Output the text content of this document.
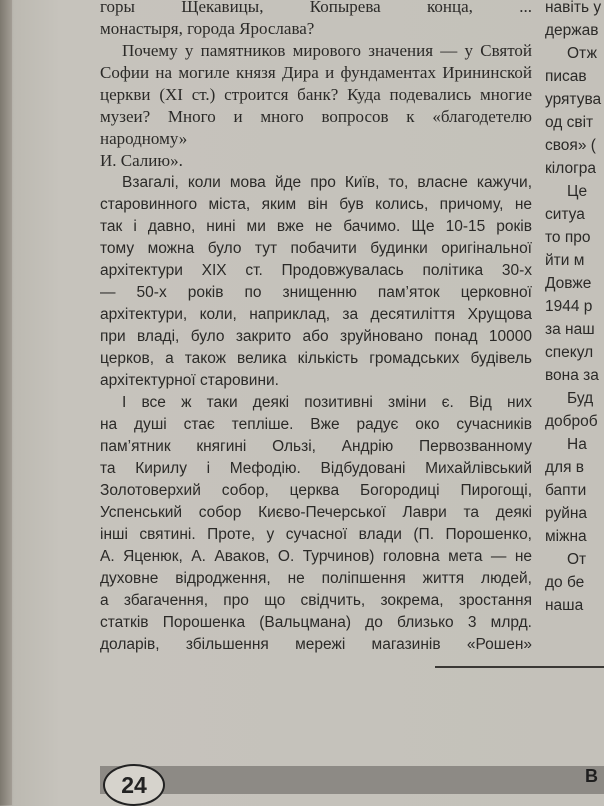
горы Щекавицы, Копырева конца, ...
монастыря, города Ярослава?
Почему у памятников мирового значения — у Святой
Софии на могиле князя Дира и фундаментах Ирининской
церкви (XI ст.) строится банк? Куда подевались многие
музеи? Много и много вопросов к «благодетелю народному»
И. Салию».
Взагалі, коли мова йде про Київ, то, власне кажучи,
старовинного міста, яким він був колись, причому, не
так і давно, нині ми вже не бачимо. Ще 10-15 років
тому можна було тут побачити будинки оригінальної
архітектури XIX ст. Продовжувалась політика 30-х
— 50-х років по знищенню пам’яток церковної
архітектури, коли, наприклад, за десятиліття Хрущова
при владі, було закрито або зруйновано понад 10000
церков, а також велика кількість громадських будівель
архітектурної старовини.
І все ж таки деякі позитивні зміни є. Від них
на душі стає тепліше. Вже радує око сучасників
пам’ятник княгині Ользі, Андрію Первозванному
та Кирилу і Мефодію. Відбудовані Михайлівський
Золотоверхий собор, церква Богородиці Пирогощі,
Успенський собор Києво-Печерської Лаври та деякі
інші святині. Проте, у сучасної влади (П. Порошенко,
А. Яценюк, А. Аваков, О. Турчинов) головна мета — не
духовне відродження, не поліпшення життя людей,
а збагачення, про що свідчить, зокрема, зростання
статків Порошенка (Вальцмана) до близько 3 млрд.
доларів, збільшення мережі магазинів «Рошен»
навіть у
держав
Отж
писав
урятува
од світ
своя» (
кілогра
Це
ситуа
то про
йти м
Довже
1944 р
за наш
спекул
вона за
Буд
доброб
На
для в
бапти
руйна
міжна
От
до бе
наша
24	В
